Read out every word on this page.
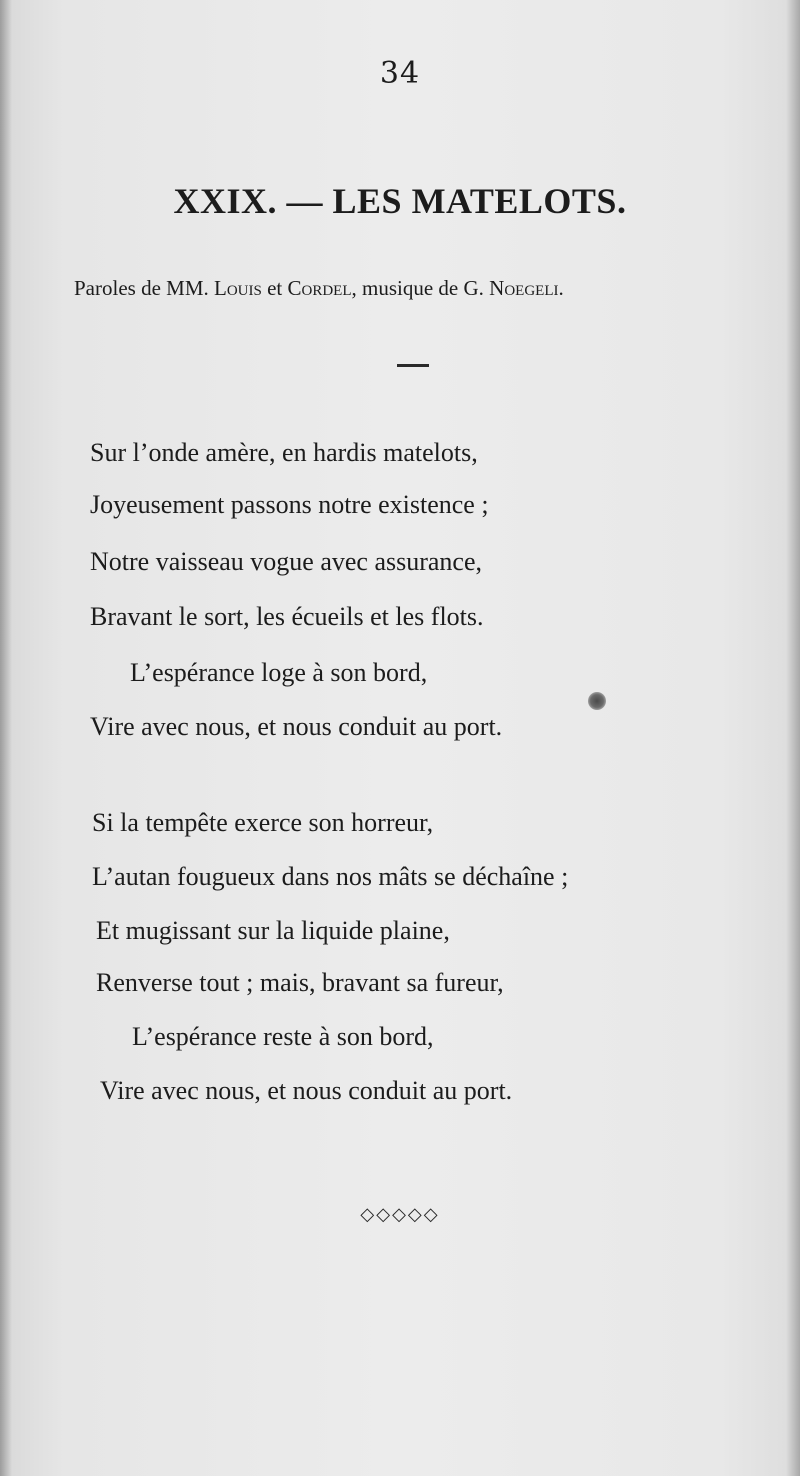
34
XXIX. — LES MATELOTS.
Paroles de MM. Louis et Cordel, musique de G. Noegeli.
Sur l’onde amère, en hardis matelots,
Joyeusement passons notre existence ;
Notre vaisseau vogue avec assurance,
Bravant le sort, les écueils et les flots.
L’espérance loge à son bord,
Vire avec nous, et nous conduit au port.
Si la tempête exerce son horreur,
L’autan fougueux dans nos mâts se déchaîne ;
Et mugissant sur la liquide plaine,
Renverse tout ; mais, bravant sa fureur,
L’espérance reste à son bord,
Vire avec nous, et nous conduit au port.
◇◇◇◇◇
